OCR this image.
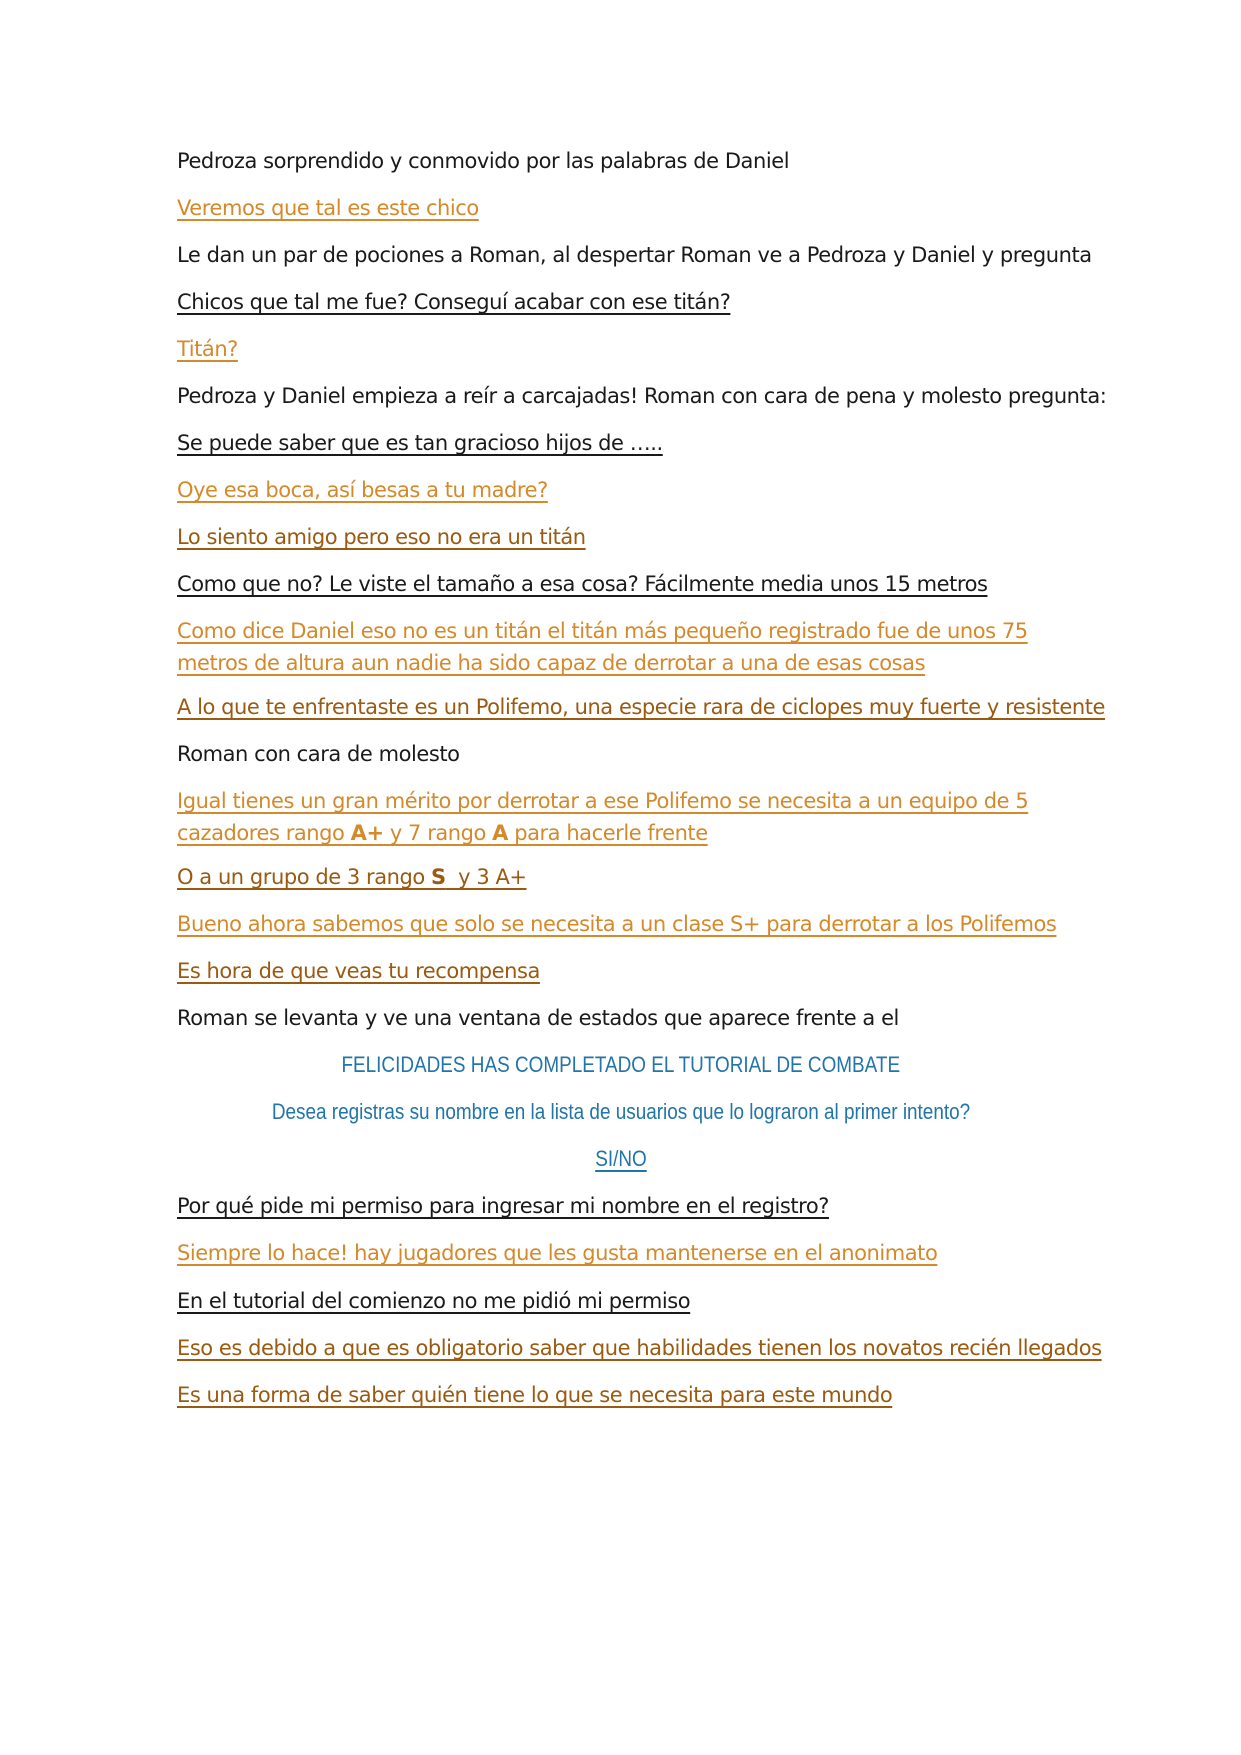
Pedroza sorprendido y conmovido por las palabras de Daniel
Veremos que tal es este chico
Le dan un par de pociones a Roman, al despertar Roman ve a Pedroza y Daniel y pregunta
Chicos que tal me fue? Conseguí acabar con ese titán?
Titán?
Pedroza y Daniel empieza a reír a carcajadas! Roman con cara de pena y molesto pregunta:
Se puede saber que es tan gracioso hijos de …..
Oye esa boca, así besas a tu madre?
Lo siento amigo pero eso no era un titán
Como que no? Le viste el tamaño a esa cosa? Fácilmente media unos 15 metros
Como dice Daniel eso no es un titán el titán más pequeño registrado fue de unos 75 metros de altura aun nadie ha sido capaz de derrotar a una de esas cosas
A lo que te enfrentaste es un Polifemo, una especie rara de ciclopes muy fuerte y resistente
Roman con cara de molesto
Igual tienes un gran mérito por derrotar a ese Polifemo se necesita a un equipo de 5 cazadores rango A+ y 7 rango A para hacerle frente
O a un grupo de 3 rango S  y 3 A+
Bueno ahora sabemos que solo se necesita a un clase S+ para derrotar a los Polifemos
Es hora de que veas tu recompensa
Roman se levanta y ve una ventana de estados que aparece frente a el
FELICIDADES HAS COMPLETADO EL TUTORIAL DE COMBATE
Desea registras su nombre en la lista de usuarios que lo lograron al primer intento?
SI/NO
Por qué pide mi permiso para ingresar mi nombre en el registro?
Siempre lo hace! hay jugadores que les gusta mantenerse en el anonimato
En el tutorial del comienzo no me pidió mi permiso
Eso es debido a que es obligatorio saber que habilidades tienen los novatos recién llegados
Es una forma de saber quién tiene lo que se necesita para este mundo
